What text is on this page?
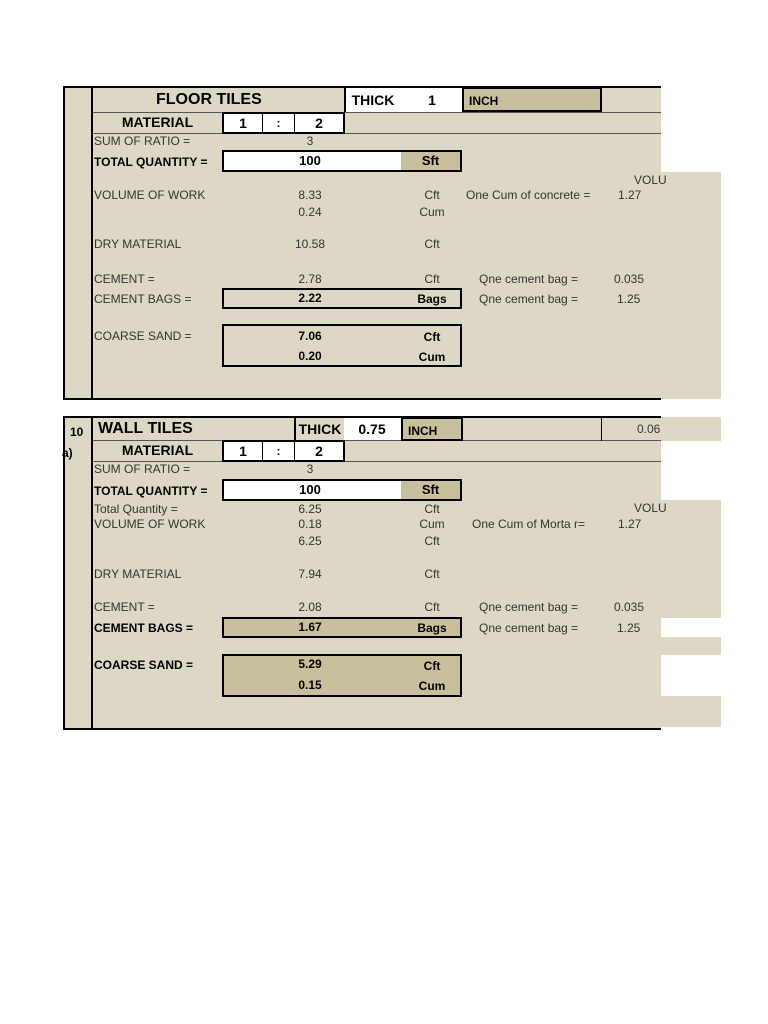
FLOOR TILES	THICK	1	INCH
MATERIAL	1	:	2
SUM OF RATIO =	3
TOTAL QUANTITY =	100	Sft
VOLU
VOLUME OF WORK	8.33	Cft	One Cum of concrete = 1.27
0.24	Cum
DRY MATERIAL	10.58	Cft
CEMENT =	2.78	Cft	Qne cement bag =	0.035
CEMENT BAGS =	2.22	Bags	Qne cement bag =	1.25
COARSE SAND =	7.06	Cft
0.20	Cum
10
a)
WALL TILES	THICK	0.75	INCH	0.06
MATERIAL	1	:	2
SUM OF RATIO =	3
TOTAL QUANTITY =	100	Sft
VOLU
Total Quantity =	6.25	Cft
VOLUME OF WORK	0.18	Cum	One Cum of Morta r=	1.27
6.25	Cft
DRY MATERIAL	7.94	Cft
CEMENT =	2.08	Cft	Qne cement bag =	0.035
CEMENT BAGS =	1.67	Bags	Qne cement bag =	1.25
COARSE SAND =	5.29	Cft
0.15	Cum
